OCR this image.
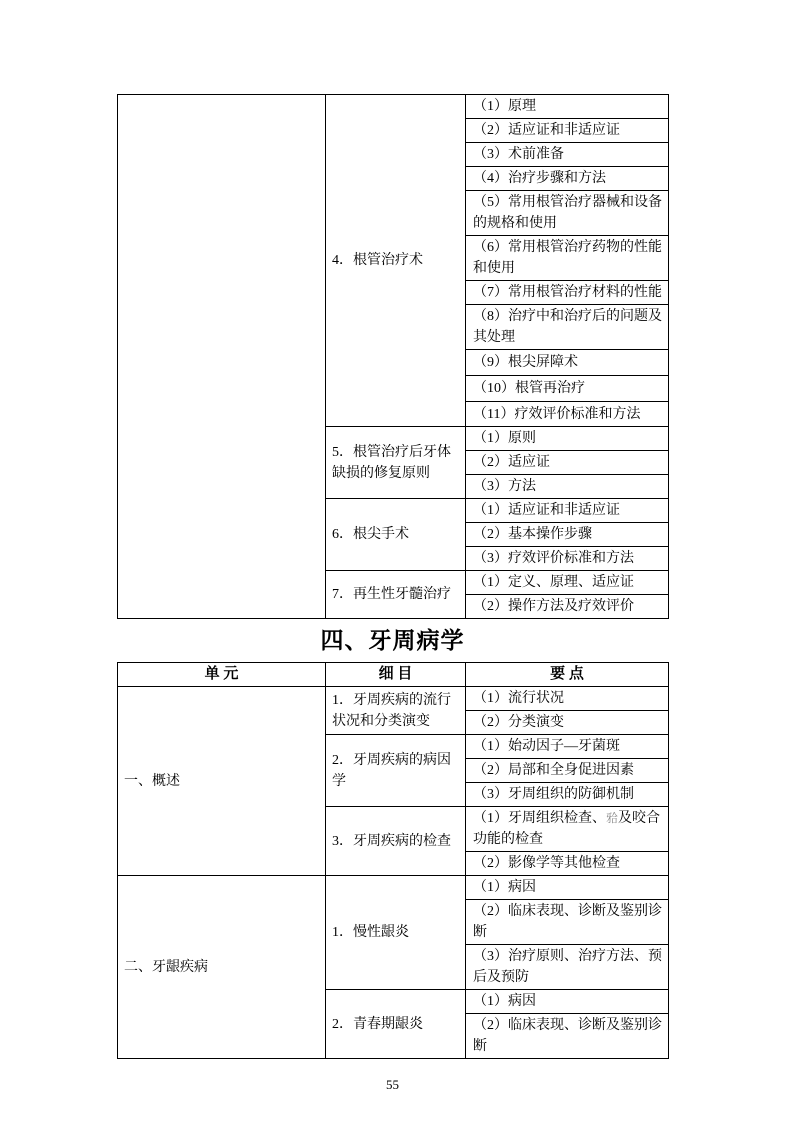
	4．根管治疗术	（1）原理
		（2）适应证和非适应证
		（3）术前准备
		（4）治疗步骤和方法
		（5）常用根管治疗器械和设备的规格和使用
		（6）常用根管治疗药物的性能和使用
		（7）常用根管治疗材料的性能
		（8）治疗中和治疗后的问题及其处理
		（9）根尖屏障术
		（10）根管再治疗
		（11）疗效评价标准和方法
	5．根管治疗后牙体缺损的修复原则	（1）原则
		（2）适应证
		（3）方法
	6．根尖手术	（1）适应证和非适应证
		（2）基本操作步骤
		（3）疗效评价标准和方法
	7．再生性牙髓治疗	（1）定义、原理、适应证
		（2）操作方法及疗效评价
四、牙周病学
单 元	细 目	要 点
一、概述	1．牙周疾病的流行状况和分类演变	（1）流行状况
		（2）分类演变
	2．牙周疾病的病因学	（1）始动因子—牙菌斑
		（2）局部和全身促进因素
		（3）牙周组织的防御机制
	3．牙周疾病的检查	（1）牙周组织检查、𬌗及咬合功能的检查
		（2）影像学等其他检查
二、牙龈疾病	1．慢性龈炎	（1）病因
		（2）临床表现、诊断及鉴别诊断
		（3）治疗原则、治疗方法、预后及预防
	2．青春期龈炎	（1）病因
		（2）临床表现、诊断及鉴别诊断
55
